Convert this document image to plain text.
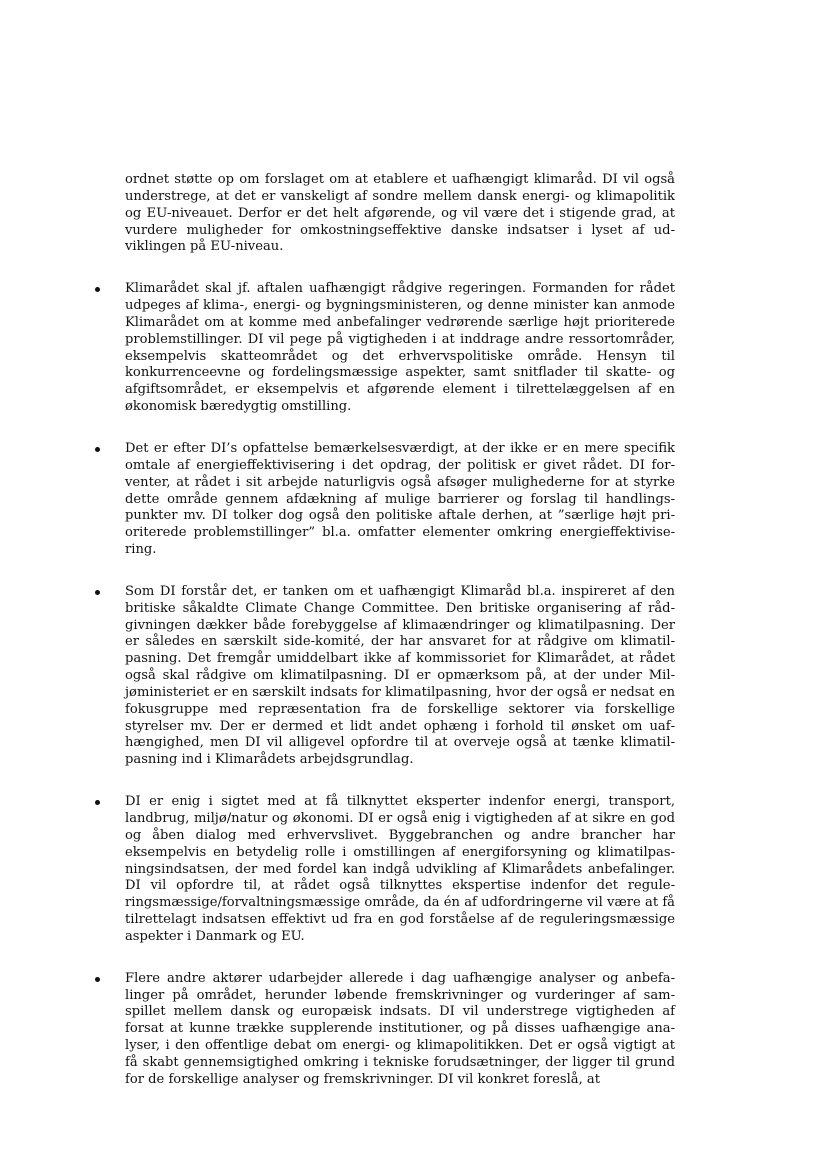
ordnet støtte op om forslaget om at etablere et uafhængigt klimaråd. DI vil også understrege, at det er vanskeligt af sondre mellem dansk energi- og klimapolitik og EU-niveauet. Derfor er det helt afgørende, og vil være det i stigende grad, at vurdere muligheder for omkostningseffektive danske indsatser i lyset af udviklingen på EU-niveau.

Klimarådet skal jf. aftalen uafhængigt rådgive regeringen. Formanden for rådet udpeges af klima-, energi- og bygningsministeren, og denne minister kan anmode Klimarådet om at komme med anbefalinger vedrørende særlige højt prioriterede problemstillinger. DI vil pege på vigtigheden i at inddrage andre ressortområder, eksempelvis skatteområdet og det erhvervspolitiske område. Hensyn til konkurrenceevne og fordelingsmæssige aspekter, samt snitflader til skatte- og afgiftsområdet, er eksempelvis et afgørende element i tilrettelæggelsen af en økonomisk bæredygtig omstilling.

Det er efter DI’s opfattelse bemærkelsesværdigt, at der ikke er en mere specifik omtale af energieffektivisering i det opdrag, der politisk er givet rådet. DI forventer, at rådet i sit arbejde naturligvis også afsøger mulighederne for at styrke dette område gennem afdækning af mulige barrierer og forslag til handlingspunkter mv. DI tolker dog også den politiske aftale derhen, at ”særlige højt prioriterede problemstillinger” bl.a. omfatter elementer omkring energieffektivisering.

Som DI forstår det, er tanken om et uafhængigt Klimaråd bl.a. inspireret af den britiske såkaldte Climate Change Committee. Den britiske organisering af rådgivningen dækker både forebyggelse af klimaændringer og klimatilpasning. Der er således en særskilt side-komité, der har ansvaret for at rådgive om klimatilpasning. Det fremgår umiddelbart ikke af kommissoriet for Klimarådet, at rådet også skal rådgive om klimatilpasning. DI er opmærksom på, at der under Miljøministeriet er en særskilt indsats for klimatilpasning, hvor der også er nedsat en fokusgruppe med repræsentation fra de forskellige sektorer via forskellige styrelser mv. Der er dermed et lidt andet ophæng i forhold til ønsket om uafhængighed, men DI vil alligevel opfordre til at overveje også at tænke klimatilpasning ind i Klimarådets arbejdsgrundlag.

DI er enig i sigtet med at få tilknyttet eksperter indenfor energi, transport, landbrug, miljø/natur og økonomi. DI er også enig i vigtigheden af at sikre en god og åben dialog med erhvervslivet. Byggebranchen og andre brancher har eksempelvis en betydelig rolle i omstillingen af energiforsyning og klimatilpasningsindsatsen, der med fordel kan indgå udvikling af Klimarådets anbefalinger. DI vil opfordre til, at rådet også tilknyttes ekspertise indenfor det reguleringsmæssige/forvaltningsmæssige område, da én af udfordringerne vil være at få tilrettelagt indsatsen effektivt ud fra en god forståelse af de reguleringsmæssige aspekter i Danmark og EU.

Flere andre aktører udarbejder allerede i dag uafhængige analyser og anbefalinger på området, herunder løbende fremskrivninger og vurderinger af samspillet mellem dansk og europæisk indsats. DI vil understrege vigtigheden af forsat at kunne trække supplerende institutioner, og på disses uafhængige analyser, i den offentlige debat om energi- og klimapolitikken. Det er også vigtigt at få skabt gennemsigtighed omkring i tekniske forudsætninger, der ligger til grund for de forskellige analyser og fremskrivninger. DI vil konkret foreslå, at
